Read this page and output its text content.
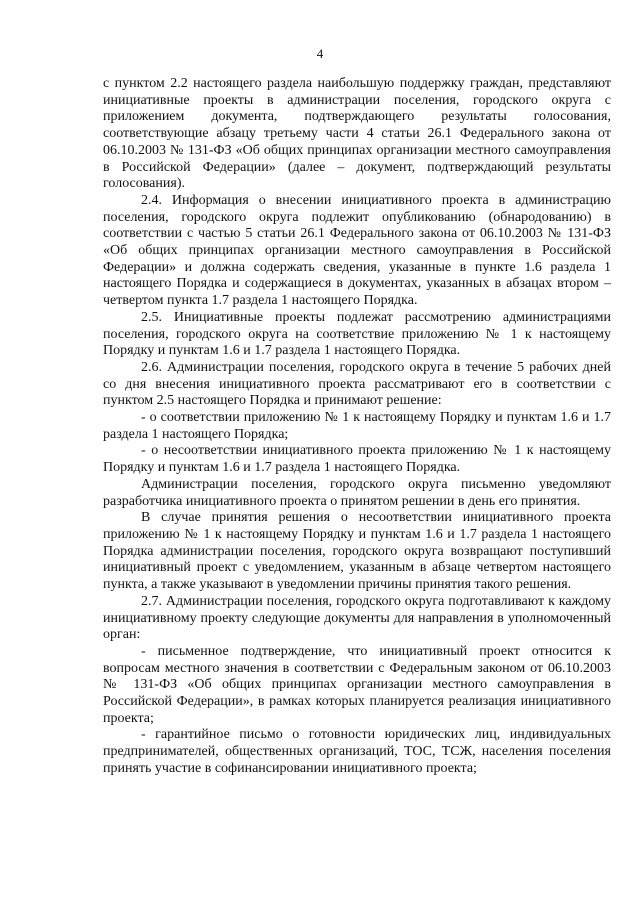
4

с пунктом 2.2 настоящего раздела наибольшую поддержку граждан, представляют инициативные проекты в администрации поселения, городского округа с приложением документа, подтверждающего результаты голосования, соответствующие абзацу третьему части 4 статьи 26.1 Федерального закона от 06.10.2003 № 131-ФЗ «Об общих принципах организации местного самоуправления в Российской Федерации» (далее – документ, подтверждающий результаты голосования).

2.4. Информация о внесении инициативного проекта в администрацию поселения, городского округа подлежит опубликованию (обнародованию) в соответствии с частью 5 статьи 26.1 Федерального закона от 06.10.2003 № 131-ФЗ «Об общих принципах организации местного самоуправления в Российской Федерации» и должна содержать сведения, указанные в пункте 1.6 раздела 1 настоящего Порядка и содержащиеся в документах, указанных в абзацах втором – четвертом пункта 1.7 раздела 1 настоящего Порядка.

2.5. Инициативные проекты подлежат рассмотрению администрациями поселения, городского округа на соответствие приложению № 1 к настоящему Порядку и пунктам 1.6 и 1.7 раздела 1 настоящего Порядка.

2.6. Администрации поселения, городского округа в течение 5 рабочих дней со дня внесения инициативного проекта рассматривают его в соответствии с пунктом 2.5 настоящего Порядка и принимают решение:

- о соответствии приложению № 1 к настоящему Порядку и пунктам 1.6 и 1.7 раздела 1 настоящего Порядка;

- о несоответствии инициативного проекта приложению № 1 к настоящему Порядку и пунктам 1.6 и 1.7 раздела 1 настоящего Порядка.

Администрации поселения, городского округа письменно уведомляют разработчика инициативного проекта о принятом решении в день его принятия.

В случае принятия решения о несоответствии инициативного проекта приложению № 1 к настоящему Порядку и пунктам 1.6 и 1.7 раздела 1 настоящего Порядка администрации поселения, городского округа возвращают поступивший инициативный проект с уведомлением, указанным в абзаце четвертом настоящего пункта, а также указывают в уведомлении причины принятия такого решения.

2.7. Администрации поселения, городского округа подготавливают к каждому инициативному проекту следующие документы для направления в уполномоченный орган:

- письменное подтверждение, что инициативный проект относится к вопросам местного значения в соответствии с Федеральным законом от 06.10.2003 № 131-ФЗ «Об общих принципах организации местного самоуправления в Российской Федерации», в рамках которых планируется реализация инициативного проекта;

- гарантийное письмо о готовности юридических лиц, индивидуальных предпринимателей, общественных организаций, ТОС, ТСЖ, населения поселения принять участие в софинансировании инициативного проекта;
